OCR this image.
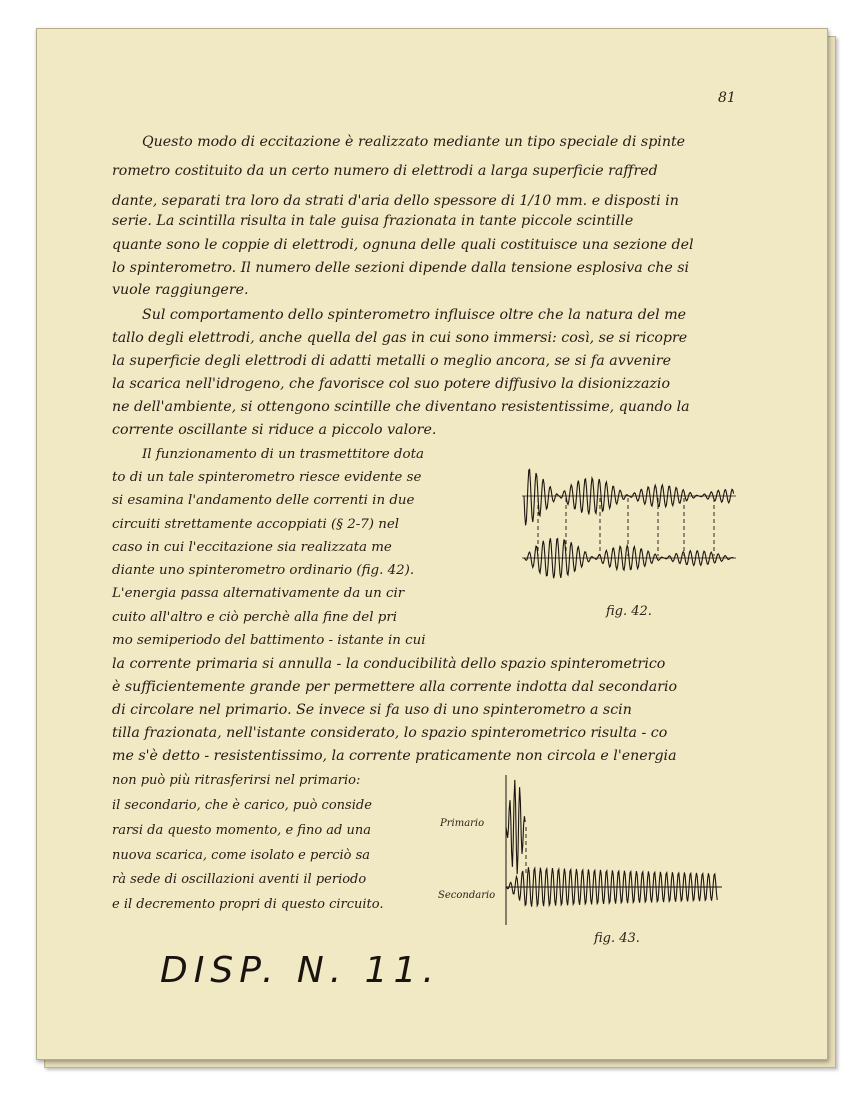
81
Questo modo di eccitazione è realizzato mediante un tipo speciale di spinte
rometro costituito da un certo numero di elettrodi a larga superficie raffred
dante, separati tra loro da strati d'aria dello spessore di 1/10 mm. e disposti in
serie. La scintilla risulta in tale guisa frazionata in tante piccole scintille
quante sono le coppie di elettrodi, ognuna delle quali costituisce una sezione del
lo spinterometro. Il numero delle sezioni dipende dalla tensione esplosiva che si
vuole raggiungere.
Sul comportamento dello spinterometro influisce oltre che la natura del me
tallo degli elettrodi, anche quella del gas in cui sono immersi: così, se si ricopre
la superficie degli elettrodi di adatti metalli o meglio ancora, se si fa avvenire
la scarica nell'idrogeno, che favorisce col suo potere diffusivo la disionizzazio
ne dell'ambiente, si ottengono scintille che diventano resistentissime, quando la
corrente oscillante si riduce a piccolo valore.
Il funzionamento di un trasmettitore dota
to di un tale spinterometro riesce evidente se
si esamina l'andamento delle correnti in due
circuiti strettamente accoppiati (§ 2-7) nel
caso in cui l'eccitazione sia realizzata me
diante uno spinterometro ordinario (fig. 42).
L'energia passa alternativamente da un cir
cuito all'altro e ciò perchè alla fine del pri
mo semiperiodo del battimento - istante in cui
la corrente primaria si annulla - la conducibilità dello spazio spinterometrico
è sufficientemente grande per permettere alla corrente indotta dal secondario
di circolare nel primario. Se invece si fa uso di uno spinterometro a scin
tilla frazionata, nell'istante considerato, lo spazio spinterometrico risulta - co
me s'è detto - resistentissimo, la corrente praticamente non circola e l'energia
non può più ritrasferirsi nel primario:
il secondario, che è carico, può conside
rarsi da questo momento, e fino ad una
nuova scarica, come isolato e perciò sa
rà sede di oscillazioni aventi il periodo
e il decremento propri di questo circuito.
fig. 42.
Primario
Secondario
fig. 43.
DISP. N. 11.
